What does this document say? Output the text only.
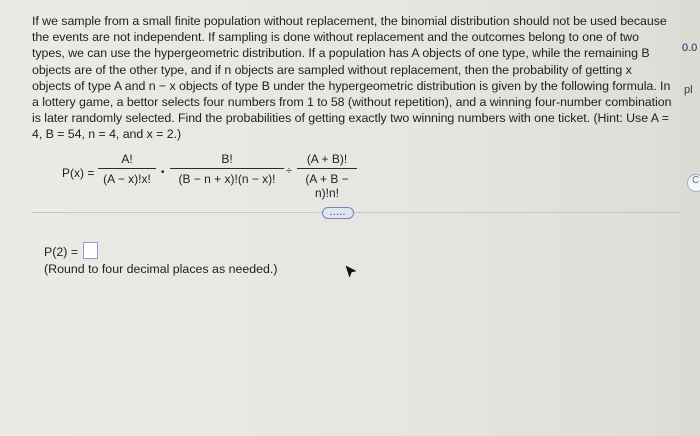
If we sample from a small finite population without replacement, the binomial distribution should not be used because the events are not independent. If sampling is done without replacement and the outcomes belong to one of two types, we can use the hypergeometric distribution. If a population has A objects of one type, while the remaining B objects are of the other type, and if n objects are sampled without replacement, then the probability of getting x objects of type A and n − x objects of type B under the hypergeometric distribution is given by the following formula. In a lottery game, a bettor selects four numbers from 1 to 58 (without repetition), and a winning four-number combination is later randomly selected. Find the probabilities of getting exactly two winning numbers with one ticket. (Hint: Use A = 4, B = 54, n = 4, and x = 2.)
$P(x) = \frac{A!}{(A - x)!x!}$ • $\frac{B!}{(B - n + x)!(n - x)!} \div \frac{(A + B)!}{(A + B - n)!n!}$
.....
P(2) =
(Round to four decimal places as needed.)
0.0
pl
C
